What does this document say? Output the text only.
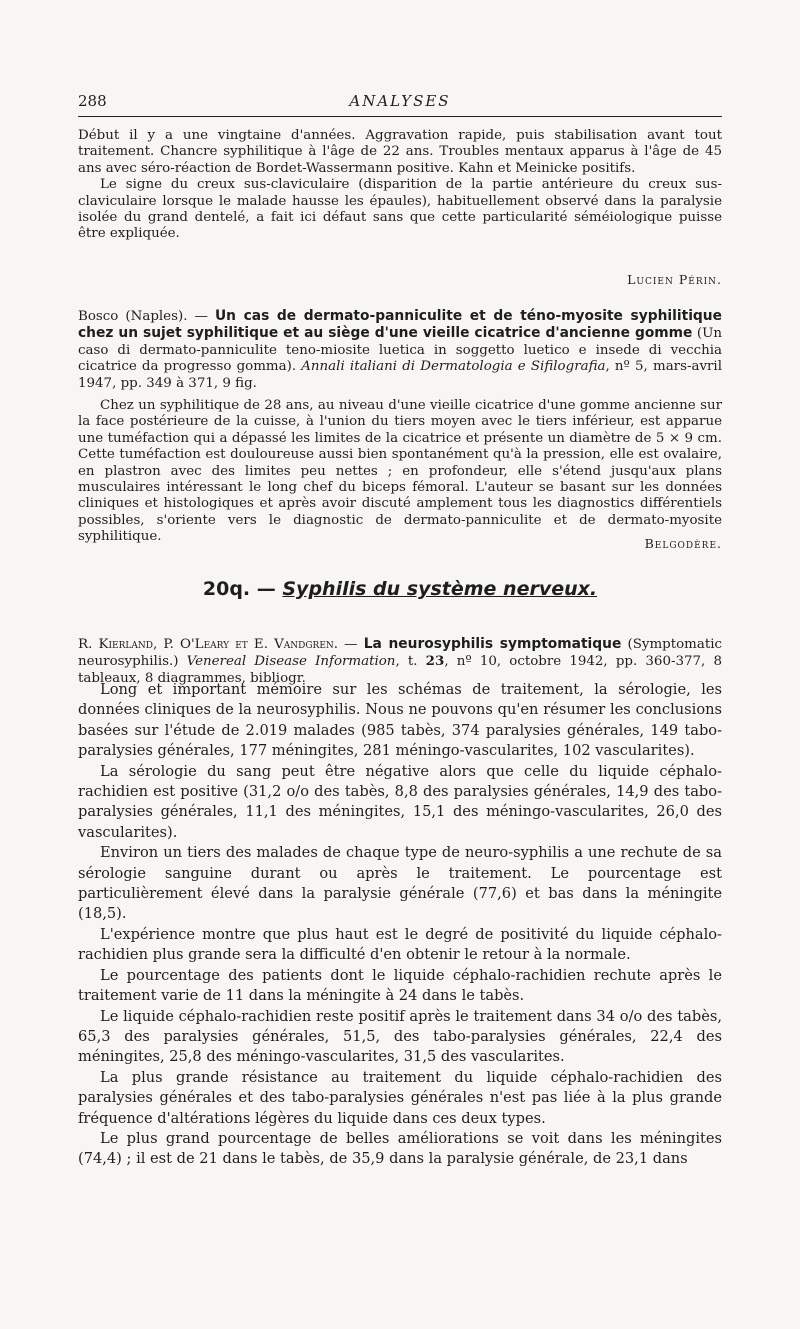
288	ANALYSES

Début il y a une vingtaine d'années. Aggravation rapide, puis stabilisation avant tout traitement. Chancre syphilitique à l'âge de 22 ans. Troubles mentaux apparus à l'âge de 45 ans avec séro-réaction de Bordet-Wassermann positive. Kahn et Meinicke positifs.

Le signe du creux sus-claviculaire (disparition de la partie antérieure du creux sus-claviculaire lorsque le malade hausse les épaules), habituellement observé dans la paralysie isolée du grand dentelé, a fait ici défaut sans que cette particularité séméiologique puisse être expliquée.

Lucien Périn.

Bosco (Naples). — Un cas de dermato-panniculite et de téno-myosite syphilitique chez un sujet syphilitique et au siège d'une vieille cicatrice d'ancienne gomme (Un caso di dermato-panniculite teno-miosite luetica in soggetto luetico e insede di vecchia cicatrice da progresso gomma). Annali italiani di Dermatologia e Sifilografia, nº 5, mars-avril 1947, pp. 349 à 371, 9 fig.

Chez un syphilitique de 28 ans, au niveau d'une vieille cicatrice d'une gomme ancienne sur la face postérieure de la cuisse, à l'union du tiers moyen avec le tiers inférieur, est apparue une tuméfaction qui a dépassé les limites de la cicatrice et présente un diamètre de 5 × 9 cm. Cette tuméfaction est douloureuse aussi bien spontanément qu'à la pression, elle est ovalaire, en plastron avec des limites peu nettes ; en profondeur, elle s'étend jusqu'aux plans musculaires intéressant le long chef du biceps fémoral. L'auteur se basant sur les données cliniques et histologiques et après avoir discuté amplement tous les diagnostics différentiels possibles, s'oriente vers le diagnostic de dermato-panniculite et de dermato-myosite syphilitique.	Belgodère.
20q. — Syphilis du système nerveux.

R. Kierland, P. O'Leary et E. Vandgren. — La neurosyphilis symptomatique (Symptomatic neurosyphilis.) Venereal Disease Information, t. 23, nº 10, octobre 1942, pp. 360-377, 8 tableaux, 8 diagrammes, bibliogr.

Long et important mémoire sur les schémas de traitement, la sérologie, les données cliniques de la neurosyphilis. Nous ne pouvons qu'en résumer les conclusions basées sur l'étude de 2.019 malades (985 tabès, 374 paralysies générales, 149 tabo-paralysies générales, 177 méningites, 281 méningo-vascularites, 102 vascularites).

La sérologie du sang peut être négative alors que celle du liquide céphalo-rachidien est positive (31,2 o/o des tabès, 8,8 des paralysies générales, 14,9 des tabo-paralysies générales, 11,1 des méningites, 15,1 des méningo-vascularites, 26,0 des vascularites).

Environ un tiers des malades de chaque type de neuro-syphilis a une rechute de sa sérologie sanguine durant ou après le traitement. Le pourcentage est particulièrement élevé dans la paralysie générale (77,6) et bas dans la méningite (18,5).

L'expérience montre que plus haut est le degré de positivité du liquide céphalo-rachidien plus grande sera la difficulté d'en obtenir le retour à la normale.

Le pourcentage des patients dont le liquide céphalo-rachidien rechute après le traitement varie de 11 dans la méningite à 24 dans le tabès.

Le liquide céphalo-rachidien reste positif après le traitement dans 34 o/o des tabès, 65,3 des paralysies générales, 51,5, des tabo-paralysies générales, 22,4 des méningites, 25,8 des méningo-vascularites, 31,5 des vascularites.

La plus grande résistance au traitement du liquide céphalo-rachidien des paralysies générales et des tabo-paralysies générales n'est pas liée à la plus grande fréquence d'altérations légères du liquide dans ces deux types.

Le plus grand pourcentage de belles améliorations se voit dans les méningites (74,4) ; il est de 21 dans le tabès, de 35,9 dans la paralysie générale, de 23,1 dans
